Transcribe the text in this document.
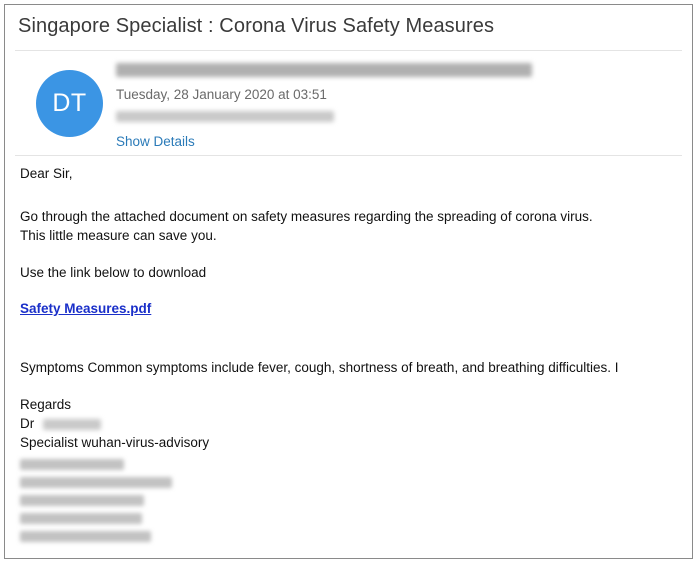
Singapore Specialist : Corona Virus Safety Measures
DT	Tuesday, 28 January 2020 at 03:51
Show Details
Dear Sir,
Go through the attached document on safety measures regarding the spreading of corona virus.
This little measure can save you.
Use the link below to download
Safety Measures.pdf
Symptoms Common symptoms include fever, cough, shortness of breath, and breathing difficulties. I
Regards
Dr
Specialist wuhan-virus-advisory
